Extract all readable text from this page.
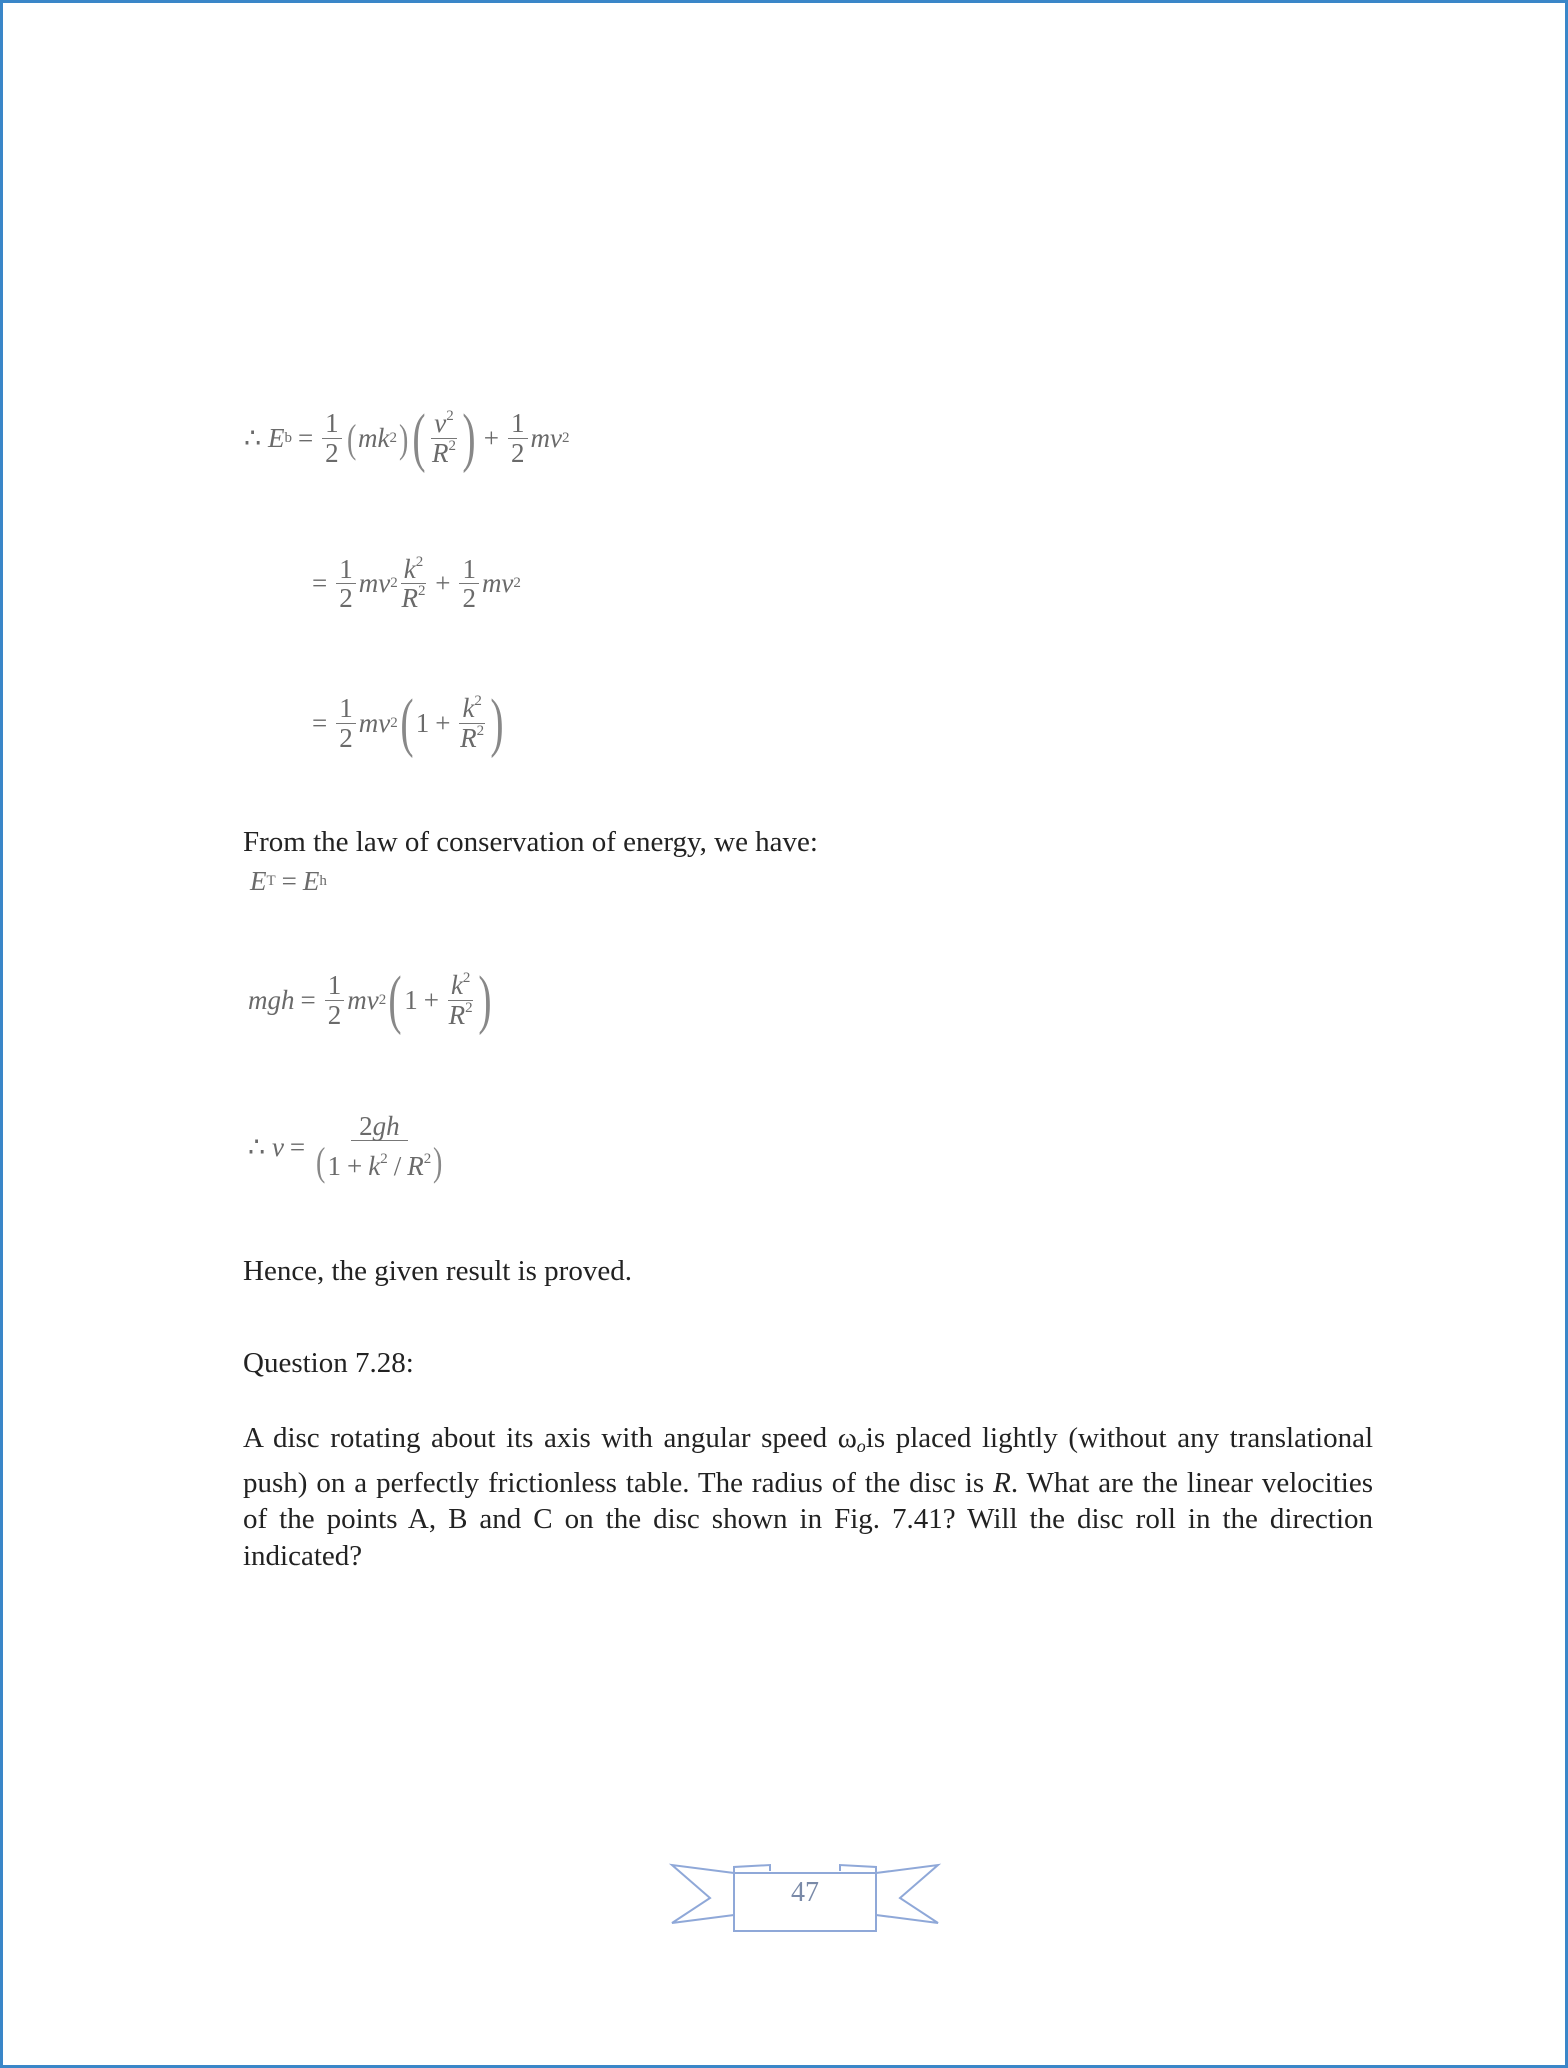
∴
E $b = \frac{1}{2}$ ( mk 2 ) ( $\frac{v^2}{R^2}$ ) + $\frac{1}{2}$ mv 2
= $\frac{1}{2}$ mv $2 \frac{k^2}{R^2} + \frac{1}{2}$ mv 2
= $\frac{1}{2}$ mv 2 ( $1 + \frac{k^2}{R^2}$ )
From the law of conservation of energy, we have:
E T = E h
mgh = $\frac{1}{2}$ mv 2 ( $1 + \frac{k^2}{R^2}$ )
∴
$v = \frac{2gh}{(1 + k^2 / R^2)}$
Hence, the given result is proved.
Question 7.28:
A disc rotating about its axis with angular speed $\omega_ois$ placed lightly (without any translational push) on a perfectly frictionless table. The radius of the disc is R. What are the linear velocities of the points A, B and C on the disc shown in Fig. 7.41? Will the disc roll in the direction indicated?
47
